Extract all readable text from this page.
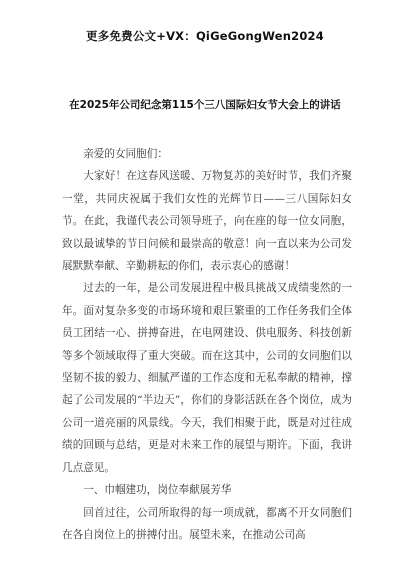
更多免费公文+VX：QiGeGongWen2024
在2025年公司纪念第115个三八国际妇女节大会上的讲话

亲爱的女同胞们：

大家好！在这春风送暖、万物复苏的美好时节，我们齐聚一堂，共同庆祝属于我们女性的光辉节日——三八国际妇女节。在此，我谨代表公司领导班子，向在座的每一位女同胞，致以最诚挚的节日问候和最崇高的敬意！向一直以来为公司发展默默奉献、辛勤耕耘的你们，表示衷心的感谢！

过去的一年，是公司发展进程中极具挑战又成绩斐然的一年。面对复杂多变的市场环境和艰巨繁重的工作任务我们全体员工团结一心、拼搏奋进，在电网建设、供电服务、科技创新等多个领域取得了重大突破。而在这其中，公司的女同胞们以坚韧不拔的毅力、细腻严谨的工作态度和无私奉献的精神，撑起了公司发展的“半边天”，你们的身影活跃在各个岗位，成为公司一道亮丽的风景线。今天，我们相聚于此，既是对过往成绩的回顾与总结，更是对未来工作的展望与期许。下面，我讲几点意见。

一、巾帼建功，岗位奉献展芳华

回首过往，公司所取得的每一项成就，都离不开女同胞们在各自岗位上的拼搏付出。展望未来，在推动公司高
